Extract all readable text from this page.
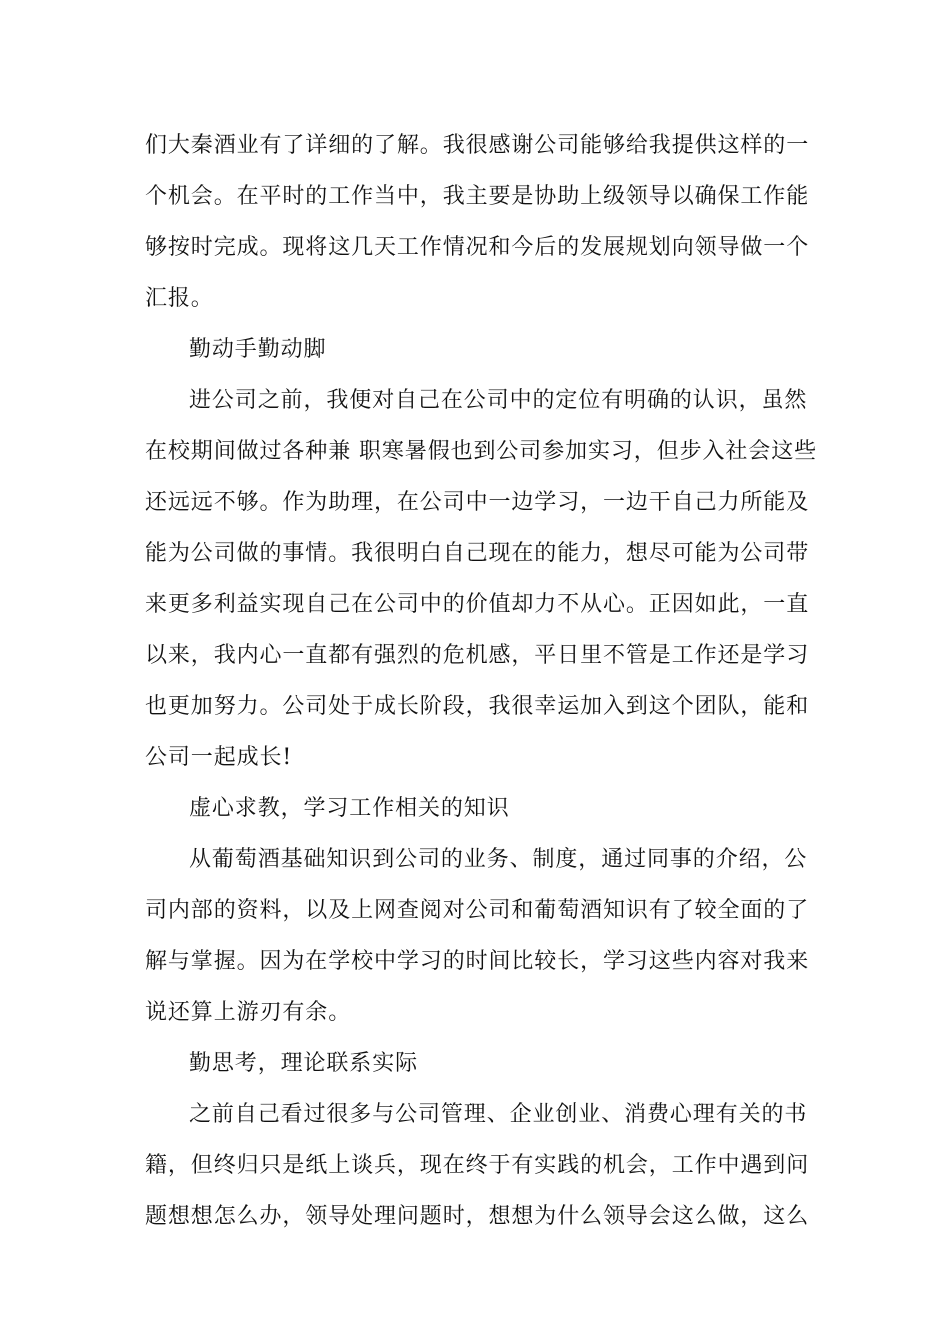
们大秦酒业有了详细的了解。我很感谢公司能够给我提供这样的一
个机会。在平时的工作当中，我主要是协助上级领导以确保工作能
够按时完成。现将这几天工作情况和今后的发展规划向领导做一个
汇报。
勤动手勤动脚
进公司之前，我便对自己在公司中的定位有明确的认识，虽然
在校期间做过各种兼 职寒暑假也到公司参加实习，但步入社会这些
还远远不够。作为助理，在公司中一边学习，一边干自己力所能及
能为公司做的事情。我很明白自己现在的能力，想尽可能为公司带
来更多利益实现自己在公司中的价值却力不从心。正因如此，一直
以来，我内心一直都有强烈的危机感，平日里不管是工作还是学习
也更加努力。公司处于成长阶段，我很幸运加入到这个团队，能和
公司一起成长!
虚心求教，学习工作相关的知识
从葡萄酒基础知识到公司的业务、制度，通过同事的介绍，公
司内部的资料，以及上网查阅对公司和葡萄酒知识有了较全面的了
解与掌握。因为在学校中学习的时间比较长，学习这些内容对我来
说还算上游刃有余。
勤思考，理论联系实际
之前自己看过很多与公司管理、企业创业、消费心理有关的书
籍，但终归只是纸上谈兵，现在终于有实践的机会，工作中遇到问
题想想怎么办，领导处理问题时，想想为什么领导会这么做，这么
